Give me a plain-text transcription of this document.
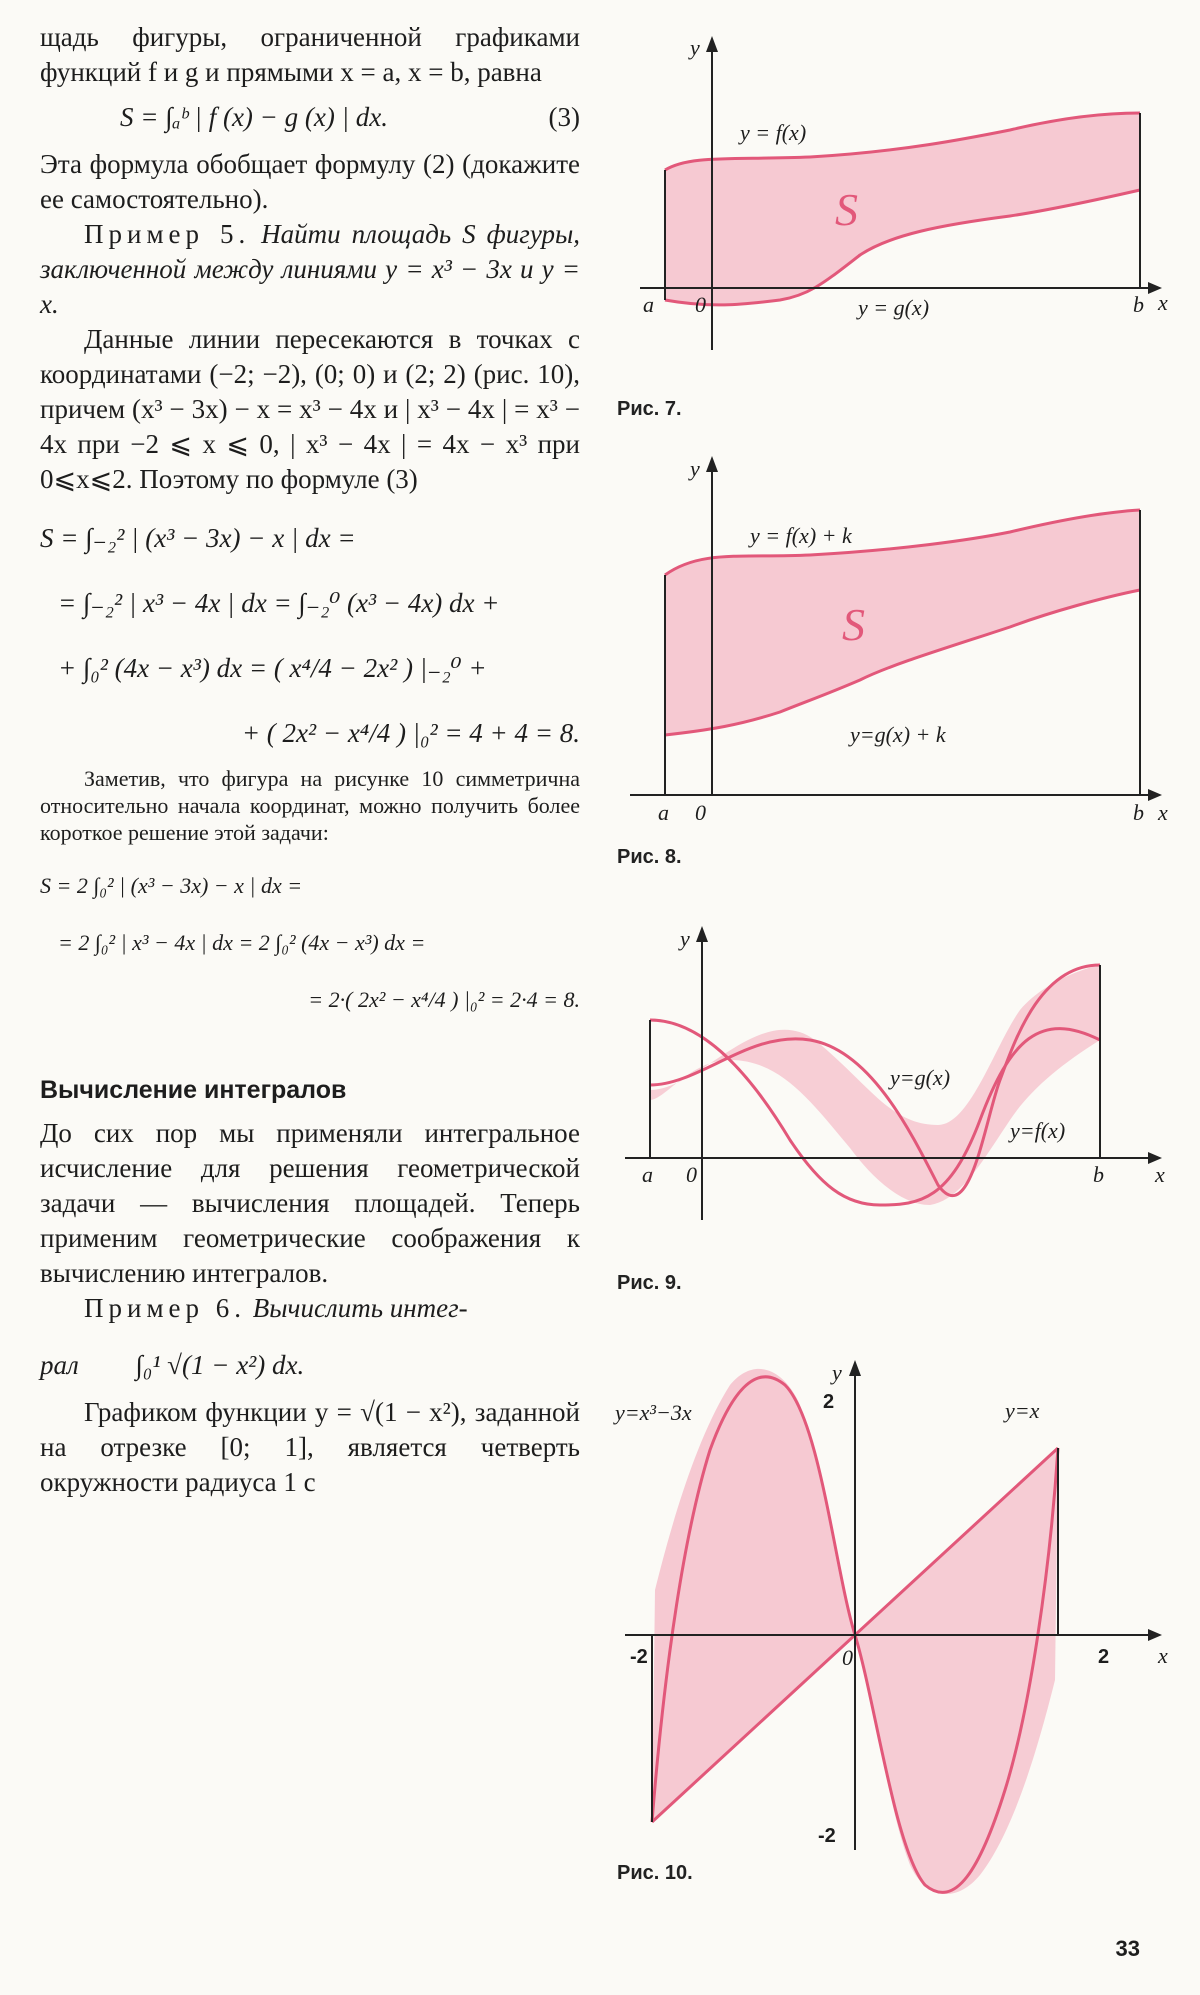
щадь фигуры, ограниченной графиками функций f и g и прямыми x = a, x = b, равна

(3)
S = ∫ₐᵇ | f (x) − g (x) | dx.

Эта формула обобщает формулу (2) (докажите ее самостоятельно).

Пример 5. Найти площадь S фигуры, заключенной между линиями y = x³ − 3x и y = x.

Данные линии пересекаются в точках с координатами (−2; −2), (0; 0) и (2; 2) (рис. 10), причем (x³ − 3x) − x = x³ − 4x и | x³ − 4x | = x³ − 4x при −2 ⩽ x ⩽ 0, | x³ − 4x | = 4x − x³ при 0⩽x⩽2. Поэтому по формуле (3)

S = ∫₋₂² | (x³ − 3x) − x | dx =
= ∫₋₂² | x³ − 4x | dx = ∫₋₂⁰ (x³ − 4x) dx +
+ ∫₀² (4x − x³) dx = ( x⁴/4 − 2x² ) |₋₂⁰ +
+ ( 2x² − x⁴/4 ) |₀² = 4 + 4 = 8.

Заметив, что фигура на рисунке 10 симметрична относительно начала координат, можно получить более короткое решение этой задачи:

S = 2 ∫₀² | (x³ − 3x) − x | dx =
= 2 ∫₀² | x³ − 4x | dx = 2 ∫₀² (4x − x³) dx =
= 2·( 2x² − x⁴/4 ) |₀² = 2·4 = 8.
Вычисление интегралов

До сих пор мы применяли интегральное исчисление для решения геометрической задачи — вычисления площадей. Теперь применим геометрические соображения к вычислению интегралов.

Пример 6. Вычислить интег-

рал ∫₀¹ √(1 − x²) dx.

Графиком функции y = √(1 − x²), заданной на отрезке [0; 1], является четверть окружности радиуса 1 с

y
x
a 0	b
y = f(x)
y = g(x)
S
Рис. 7.
y
x
a 0	b
y = f(x) + k
y=g(x) + k
S
Рис. 8.
y
x
a 0	b
y=g(x)
y=f(x)
Рис. 9.
y
x
2
-2
-2	2
0
y=x³−3x	y=x
Рис. 10.
33
